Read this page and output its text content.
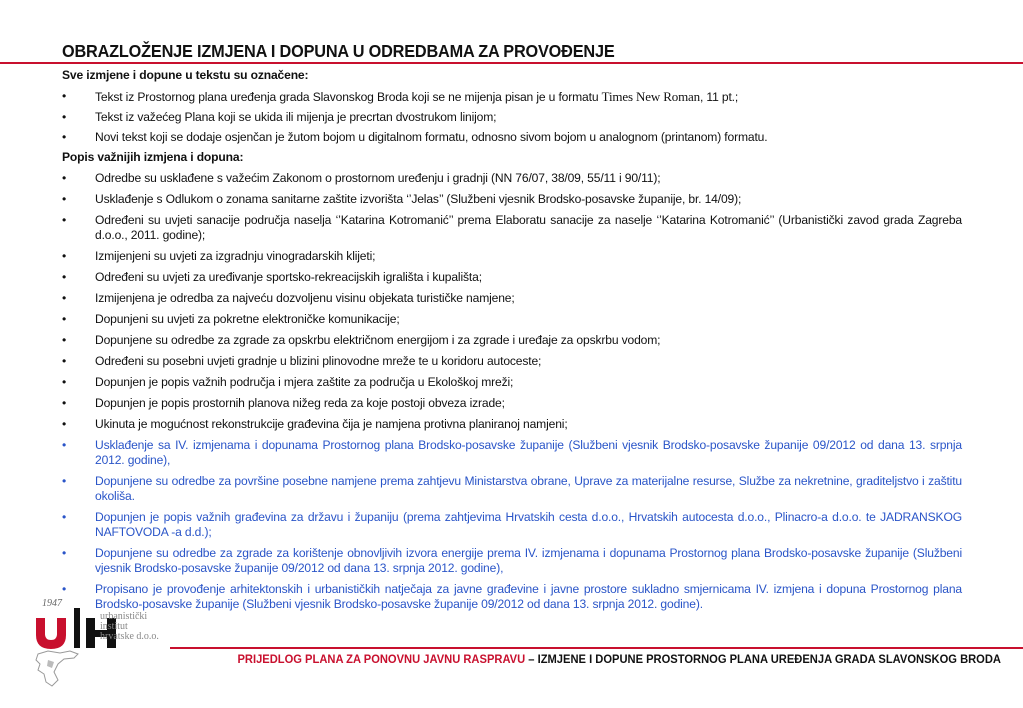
OBRAZLOŽENJE IZMJENA I DOPUNA U ODREDBAMA ZA PROVOĐENJE
Sve izmjene i dopune u tekstu su označene:
•	Tekst iz Prostornog plana uređenja grada Slavonskog Broda koji se ne mijenja pisan je u formatu Times New Roman, 11 pt.;
•	Tekst iz važećeg Plana koji se ukida ili mijenja je precrtan dvostrukom linijom;
•	Novi tekst koji se dodaje osjenčan je žutom bojom u digitalnom formatu, odnosno sivom bojom u analognom (printanom) formatu.
Popis važnijih izmjena i dopuna:
•	Odredbe su usklađene s važećim Zakonom o prostornom uređenju i gradnji (NN 76/07, 38/09, 55/11 i 90/11);
•	Usklađenje s Odlukom o zonama sanitarne zaštite izvorišta ‘’Jelas’’ (Službeni vjesnik Brodsko-posavske županije, br. 14/09);
•	Određeni su uvjeti sanacije područja naselja ‘’Katarina Kotromanić’’ prema Elaboratu sanacije za naselje ‘’Katarina Kotromanić’’ (Urbanistički zavod grada Zagreba d.o.o., 2011. godine);
•	Izmijenjeni su uvjeti za izgradnju vinogradarskih klijeti;
•	Određeni su uvjeti za uređivanje sportsko-rekreacijskih igrališta i kupališta;
•	Izmijenjena je odredba za najveću dozvoljenu visinu objekata turističke namjene;
•	Dopunjeni su uvjeti za pokretne elektroničke komunikacije;
•	Dopunjene su odredbe za zgrade za opskrbu električnom energijom i za zgrade i uređaje za opskrbu vodom;
•	Određeni su posebni uvjeti gradnje u blizini plinovodne mreže te u koridoru autoceste;
•	Dopunjen je popis važnih područja i mjera zaštite za područja u Ekološkoj mreži;
•	Dopunjen je popis prostornih planova nižeg reda za koje postoji obveza izrade;
•	Ukinuta je mogućnost rekonstrukcije građevina čija je namjena protivna planiranoj namjeni;
•	Usklađenje sa IV. izmjenama i dopunama Prostornog plana Brodsko-posavske županije (Službeni vjesnik Brodsko-posavske županije 09/2012 od dana 13. srpnja 2012. godine),
•	Dopunjene su odredbe za površine posebne namjene prema zahtjevu Ministarstva obrane, Uprave za materijalne resurse, Službe za nekretnine, graditeljstvo i zaštitu okoliša.
•	Dopunjen je popis važnih građevina za državu i županiju (prema zahtjevima Hrvatskih cesta d.o.o., Hrvatskih autocesta d.o.o., Plinacro-a d.o.o. te JADRANSKOG NAFTOVODA -a d.d.);
•	Dopunjene su odredbe za zgrade za korištenje obnovljivih izvora energije prema IV. izmjenama i dopunama Prostornog plana Brodsko-posavske županije (Službeni vjesnik Brodsko-posavske županije 09/2012 od dana 13. srpnja 2012. godine),
•	Propisano je provođenje arhitektonskih i urbanističkih natječaja za javne građevine i javne prostore sukladno smjernicama IV. izmjena i dopuna Prostornog plana Brodsko-posavske županije (Službeni vjesnik Brodsko-posavske županije 09/2012 od dana 13. srpnja 2012. godine).
1947
urbanistički
institut
hrvatske d.o.o.
PRIJEDLOG PLANA ZA PONOVNU JAVNU RASPRAVU – IZMJENE I DOPUNE PROSTORNOG PLANA UREĐENJA GRADA SLAVONSKOG BRODA
